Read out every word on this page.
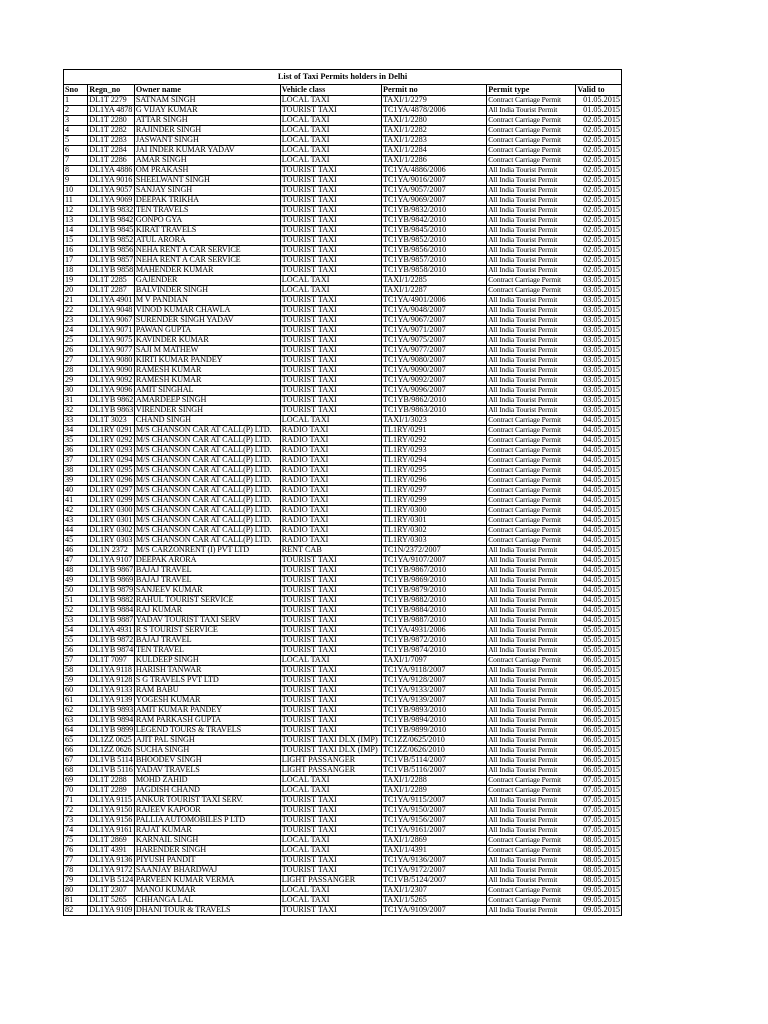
List of Taxi Permits holders in Delhi						
Sno	Regn_no	Owner name	Vehicle class	Permit no	Permit type	Valid to
1	DL1T 2279	SATNAM SINGH	LOCAL TAXI	TAXI/1/2279	Contract Carriage Permit	01.05.2015
2	DL1YA 4878	G VIJAY KUMAR	TOURIST TAXI	TC1YA/4878/2006	All India Tourist Permit	01.05.2015
3	DL1T 2280	ATTAR SINGH	LOCAL TAXI	TAXI/1/2280	Contract Carriage Permit	02.05.2015
4	DL1T 2282	RAJINDER SINGH	LOCAL TAXI	TAXI/1/2282	Contract Carriage Permit	02.05.2015
5	DL1T 2283	JASWANT SINGH	LOCAL TAXI	TAXI/1/2283	Contract Carriage Permit	02.05.2015
6	DL1T 2284	JAI INDER KUMAR YADAV	LOCAL TAXI	TAXI/1/2284	Contract Carriage Permit	02.05.2015
7	DL1T 2286	AMAR SINGH	LOCAL TAXI	TAXI/1/2286	Contract Carriage Permit	02.05.2015
8	DL1YA 4886	OM PRAKASH	TOURIST TAXI	TC1YA/4886/2006	All India Tourist Permit	02.05.2015
9	DL1YA 9016	SHEELWANT SINGH	TOURIST TAXI	TC1YA/9016/2007	All India Tourist Permit	02.05.2015
10	DL1YA 9057	SANJAY SINGH	TOURIST TAXI	TC1YA/9057/2007	All India Tourist Permit	02.05.2015
11	DL1YA 9069	DEEPAK TRIKHA	TOURIST TAXI	TC1YA/9069/2007	All India Tourist Permit	02.05.2015
12	DL1YB 9832	TEN TRAVELS	TOURIST TAXI	TC1YB/9832/2010	All India Tourist Permit	02.05.2015
13	DL1YB 9842	GONPO GYA	TOURIST TAXI	TC1YB/9842/2010	All India Tourist Permit	02.05.2015
14	DL1YB 9845	KIRAT TRAVELS	TOURIST TAXI	TC1YB/9845/2010	All India Tourist Permit	02.05.2015
15	DL1YB 9852	ATUL ARORA	TOURIST TAXI	TC1YB/9852/2010	All India Tourist Permit	02.05.2015
16	DL1YB 9856	NEHA RENT A CAR SERVICE	TOURIST TAXI	TC1YB/9856/2010	All India Tourist Permit	02.05.2015
17	DL1YB 9857	NEHA RENT A CAR SERVICE	TOURIST TAXI	TC1YB/9857/2010	All India Tourist Permit	02.05.2015
18	DL1YB 9858	MAHENDER KUMAR	TOURIST TAXI	TC1YB/9858/2010	All India Tourist Permit	02.05.2015
19	DL1T 2285	GAJENDER	LOCAL TAXI	TAXI/1/2285	Contract Carriage Permit	03.05.2015
20	DL1T 2287	BALVINDER SINGH	LOCAL TAXI	TAXI/1/2287	Contract Carriage Permit	03.05.2015
21	DL1YA 4901	M V PANDIAN	TOURIST TAXI	TC1YA/4901/2006	All India Tourist Permit	03.05.2015
22	DL1YA 9048	VINOD KUMAR CHAWLA	TOURIST TAXI	TC1YA/9048/2007	All India Tourist Permit	03.05.2015
23	DL1YA 9067	SURENDER SINGH YADAV	TOURIST TAXI	TC1YA/9067/2007	All India Tourist Permit	03.05.2015
24	DL1YA 9071	PAWAN GUPTA	TOURIST TAXI	TC1YA/9071/2007	All India Tourist Permit	03.05.2015
25	DL1YA 9075	KAVINDER KUMAR	TOURIST TAXI	TC1YA/9075/2007	All India Tourist Permit	03.05.2015
26	DL1YA 9077	SAJI M MATHEW	TOURIST TAXI	TC1YA/9077/2007	All India Tourist Permit	03.05.2015
27	DL1YA 9080	KIRTI KUMAR PANDEY	TOURIST TAXI	TC1YA/9080/2007	All India Tourist Permit	03.05.2015
28	DL1YA 9090	RAMESH KUMAR	TOURIST TAXI	TC1YA/9090/2007	All India Tourist Permit	03.05.2015
29	DL1YA 9092	RAMESH KUMAR	TOURIST TAXI	TC1YA/9092/2007	All India Tourist Permit	03.05.2015
30	DL1YA 9096	AMIT SINGHAL	TOURIST TAXI	TC1YA/9096/2007	All India Tourist Permit	03.05.2015
31	DL1YB 9862	AMARDEEP SINGH	TOURIST TAXI	TC1YB/9862/2010	All India Tourist Permit	03.05.2015
32	DL1YB 9863	VIRENDER SINGH	TOURIST TAXI	TC1YB/9863/2010	All India Tourist Permit	03.05.2015
33	DL1T 3023	CHAND SINGH	LOCAL TAXI	TAXI/1/3023	Contract Carriage Permit	04.05.2015
34	DL1RY 0291	M/S CHANSON CAR AT CALL(P) LTD.	RADIO TAXI	TL1RY/0291	Contract Carriage Permit	04.05.2015
35	DL1RY 0292	M/S CHANSON CAR AT CALL(P) LTD.	RADIO TAXI	TL1RY/0292	Contract Carriage Permit	04.05.2015
36	DL1RY 0293	M/S CHANSON CAR AT CALL(P) LTD.	RADIO TAXI	TL1RY/0293	Contract Carriage Permit	04.05.2015
37	DL1RY 0294	M/S CHANSON CAR AT CALL(P) LTD.	RADIO TAXI	TL1RY/0294	Contract Carriage Permit	04.05.2015
38	DL1RY 0295	M/S CHANSON CAR AT CALL(P) LTD.	RADIO TAXI	TL1RY/0295	Contract Carriage Permit	04.05.2015
39	DL1RY 0296	M/S CHANSON CAR AT CALL(P) LTD.	RADIO TAXI	TL1RY/0296	Contract Carriage Permit	04.05.2015
40	DL1RY 0297	M/S CHANSON CAR AT CALL(P) LTD.	RADIO TAXI	TL1RY/0297	Contract Carriage Permit	04.05.2015
41	DL1RY 0299	M/S CHANSON CAR AT CALL(P) LTD.	RADIO TAXI	TL1RY/0299	Contract Carriage Permit	04.05.2015
42	DL1RY 0300	M/S CHANSON CAR AT CALL(P) LTD.	RADIO TAXI	TL1RY/0300	Contract Carriage Permit	04.05.2015
43	DL1RY 0301	M/S CHANSON CAR AT CALL(P) LTD.	RADIO TAXI	TL1RY/0301	Contract Carriage Permit	04.05.2015
44	DL1RY 0302	M/S CHANSON CAR AT CALL(P) LTD.	RADIO TAXI	TL1RY/0302	Contract Carriage Permit	04.05.2015
45	DL1RY 0303	M/S CHANSON CAR AT CALL(P) LTD.	RADIO TAXI	TL1RY/0303	Contract Carriage Permit	04.05.2015
46	DL1N 2372	M/S CARZONRENT (I) PVT LTD	RENT CAB	TC1N/2372/2007	All India Tourist Permit	04.05.2015
47	DL1YA 9107	DEEPAK ARORA	TOURIST TAXI	TC1YA/9107/2007	All India Tourist Permit	04.05.2015
48	DL1YB 9867	BAJAJ TRAVEL	TOURIST TAXI	TC1YB/9867/2010	All India Tourist Permit	04.05.2015
49	DL1YB 9869	BAJAJ TRAVEL	TOURIST TAXI	TC1YB/9869/2010	All India Tourist Permit	04.05.2015
50	DL1YB 9879	SANJEEV KUMAR	TOURIST TAXI	TC1YB/9879/2010	All India Tourist Permit	04.05.2015
51	DL1YB 9882	RAHUL TOURIST SERVICE	TOURIST TAXI	TC1YB/9882/2010	All India Tourist Permit	04.05.2015
52	DL1YB 9884	RAJ KUMAR	TOURIST TAXI	TC1YB/9884/2010	All India Tourist Permit	04.05.2015
53	DL1YB 9887	YADAV TOURIST TAXI SERV	TOURIST TAXI	TC1YB/9887/2010	All India Tourist Permit	04.05.2015
54	DL1YA 4931	R S TOURIST SERVICE	TOURIST TAXI	TC1YA/4931/2006	All India Tourist Permit	05.05.2015
55	DL1YB 9872	BAJAJ TRAVEL	TOURIST TAXI	TC1YB/9872/2010	All India Tourist Permit	05.05.2015
56	DL1YB 9874	TEN TRAVEL	TOURIST TAXI	TC1YB/9874/2010	All India Tourist Permit	05.05.2015
57	DL1T 7097	KULDEEP SINGH	LOCAL TAXI	TAXI/1/7097	Contract Carriage Permit	06.05.2015
58	DL1YA 9118	HARISH TANWAR	TOURIST TAXI	TC1YA/9118/2007	All India Tourist Permit	06.05.2015
59	DL1YA 9128	S G TRAVELS PVT LTD	TOURIST TAXI	TC1YA/9128/2007	All India Tourist Permit	06.05.2015
60	DL1YA 9133	RAM BABU	TOURIST TAXI	TC1YA/9133/2007	All India Tourist Permit	06.05.2015
61	DL1YA 9139	YOGESH KUMAR	TOURIST TAXI	TC1YA/9139/2007	All India Tourist Permit	06.05.2015
62	DL1YB 9893	AMIT KUMAR PANDEY	TOURIST TAXI	TC1YB/9893/2010	All India Tourist Permit	06.05.2015
63	DL1YB 9894	RAM PARKASH GUPTA	TOURIST TAXI	TC1YB/9894/2010	All India Tourist Permit	06.05.2015
64	DL1YB 9899	LEGEND TOURS & TRAVELS	TOURIST TAXI	TC1YB/9899/2010	All India Tourist Permit	06.05.2015
65	DL1ZZ 0625	AJIT PAL SINGH	TOURIST TAXI DLX (IMP)	TC1ZZ/0625/2010	All India Tourist Permit	06.05.2015
66	DL1ZZ 0626	SUCHA SINGH	TOURIST TAXI DLX (IMP)	TC1ZZ/0626/2010	All India Tourist Permit	06.05.2015
67	DL1VB 5114	BHOODEV SINGH	LIGHT PASSANGER	TC1VB/5114/2007	All India Tourist Permit	06.05.2015
68	DL1VB 5116	YADAV TRAVELS	LIGHT PASSANGER	TC1VB/5116/2007	All India Tourist Permit	06.05.2015
69	DL1T 2288	MOHD ZAHID	LOCAL TAXI	TAXI/1/2288	Contract Carriage Permit	07.05.2015
70	DL1T 2289	JAGDISH CHAND	LOCAL TAXI	TAXI/1/2289	Contract Carriage Permit	07.05.2015
71	DL1YA 9115	ANKUR TOURIST TAXI SERV.	TOURIST TAXI	TC1YA/9115/2007	All India Tourist Permit	07.05.2015
72	DL1YA 9150	RAJEEV KAPOOR	TOURIST TAXI	TC1YA/9150/2007	All India Tourist Permit	07.05.2015
73	DL1YA 9156	PALLIA AUTOMOBILES P LTD	TOURIST TAXI	TC1YA/9156/2007	All India Tourist Permit	07.05.2015
74	DL1YA 9161	RAJAT KUMAR	TOURIST TAXI	TC1YA/9161/2007	All India Tourist Permit	07.05.2015
75	DL1T 2869	KARNAIL SINGH	LOCAL TAXI	TAXI/1/2869	Contract Carriage Permit	08.05.2015
76	DL1T 4391	HARENDER SINGH	LOCAL TAXI	TAXI/1/4391	Contract Carriage Permit	08.05.2015
77	DL1YA 9136	PIYUSH PANDIT	TOURIST TAXI	TC1YA/9136/2007	All India Tourist Permit	08.05.2015
78	DL1YA 9172	SAANJAY BHARDWAJ	TOURIST TAXI	TC1YA/9172/2007	All India Tourist Permit	08.05.2015
79	DL1VB 5124	PARVEEN KUMAR VERMA	LIGHT PASSANGER	TC1VB/5124/2007	All India Tourist Permit	08.05.2015
80	DL1T 2307	MANOJ KUMAR	LOCAL TAXI	TAXI/1/2307	Contract Carriage Permit	09.05.2015
81	DL1T 5265	CHHANGA LAL	LOCAL TAXI	TAXI/1/5265	Contract Carriage Permit	09.05.2015
82	DL1YA 9109	DHANI TOUR & TRAVELS	TOURIST TAXI	TC1YA/9109/2007	All India Tourist Permit	09.05.2015
